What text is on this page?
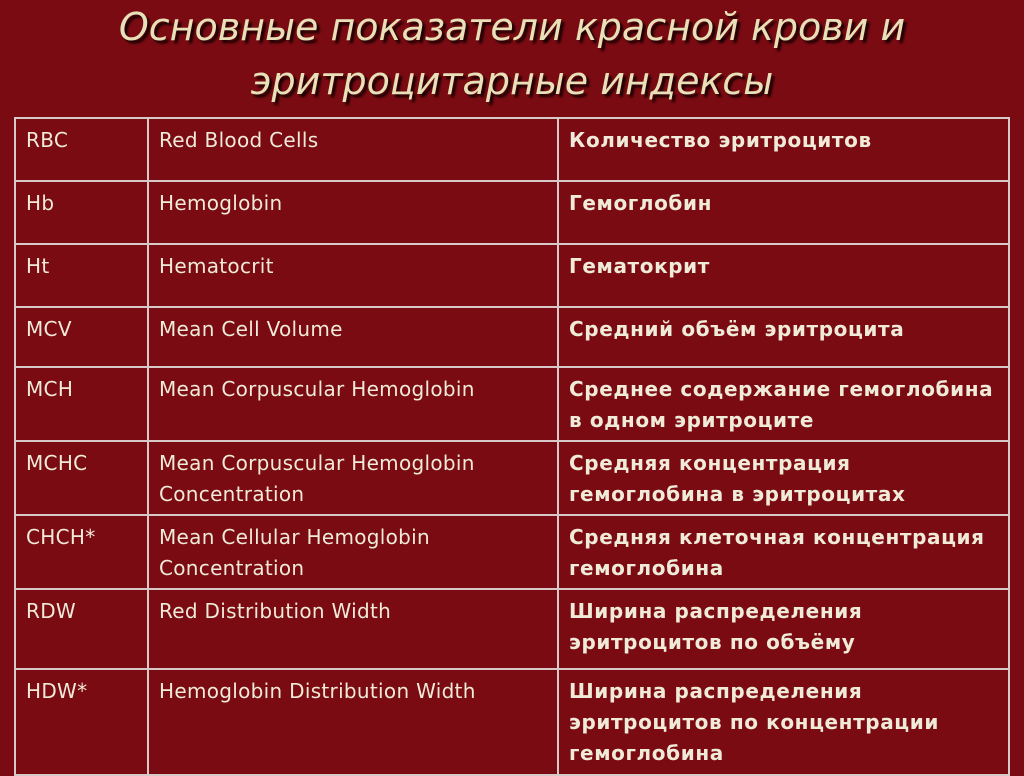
Основные показатели красной крови и
эритроцитарные индексы
RBC	Red Blood Cells	Количество эритроцитов
Hb	Hemoglobin	Гемоглобин
Ht	Hematocrit	Гематокрит
MCV	Mean Cell Volume	Средний объём эритроцита
MCH	Mean Corpuscular Hemoglobin	Среднее содержание гемоглобина в одном эритроците
MCHC	Mean Corpuscular Hemoglobin Concentration	Средняя концентрация гемоглобина в эритроцитах
CHCH*	Mean Cellular Hemoglobin Concentration	Средняя клеточная концентрация гемоглобина
RDW	Red Distribution Width	Ширина распределения эритроцитов по объёму
HDW*	Hemoglobin Distribution Width	Ширина распределения эритроцитов по концентрации гемоглобина
